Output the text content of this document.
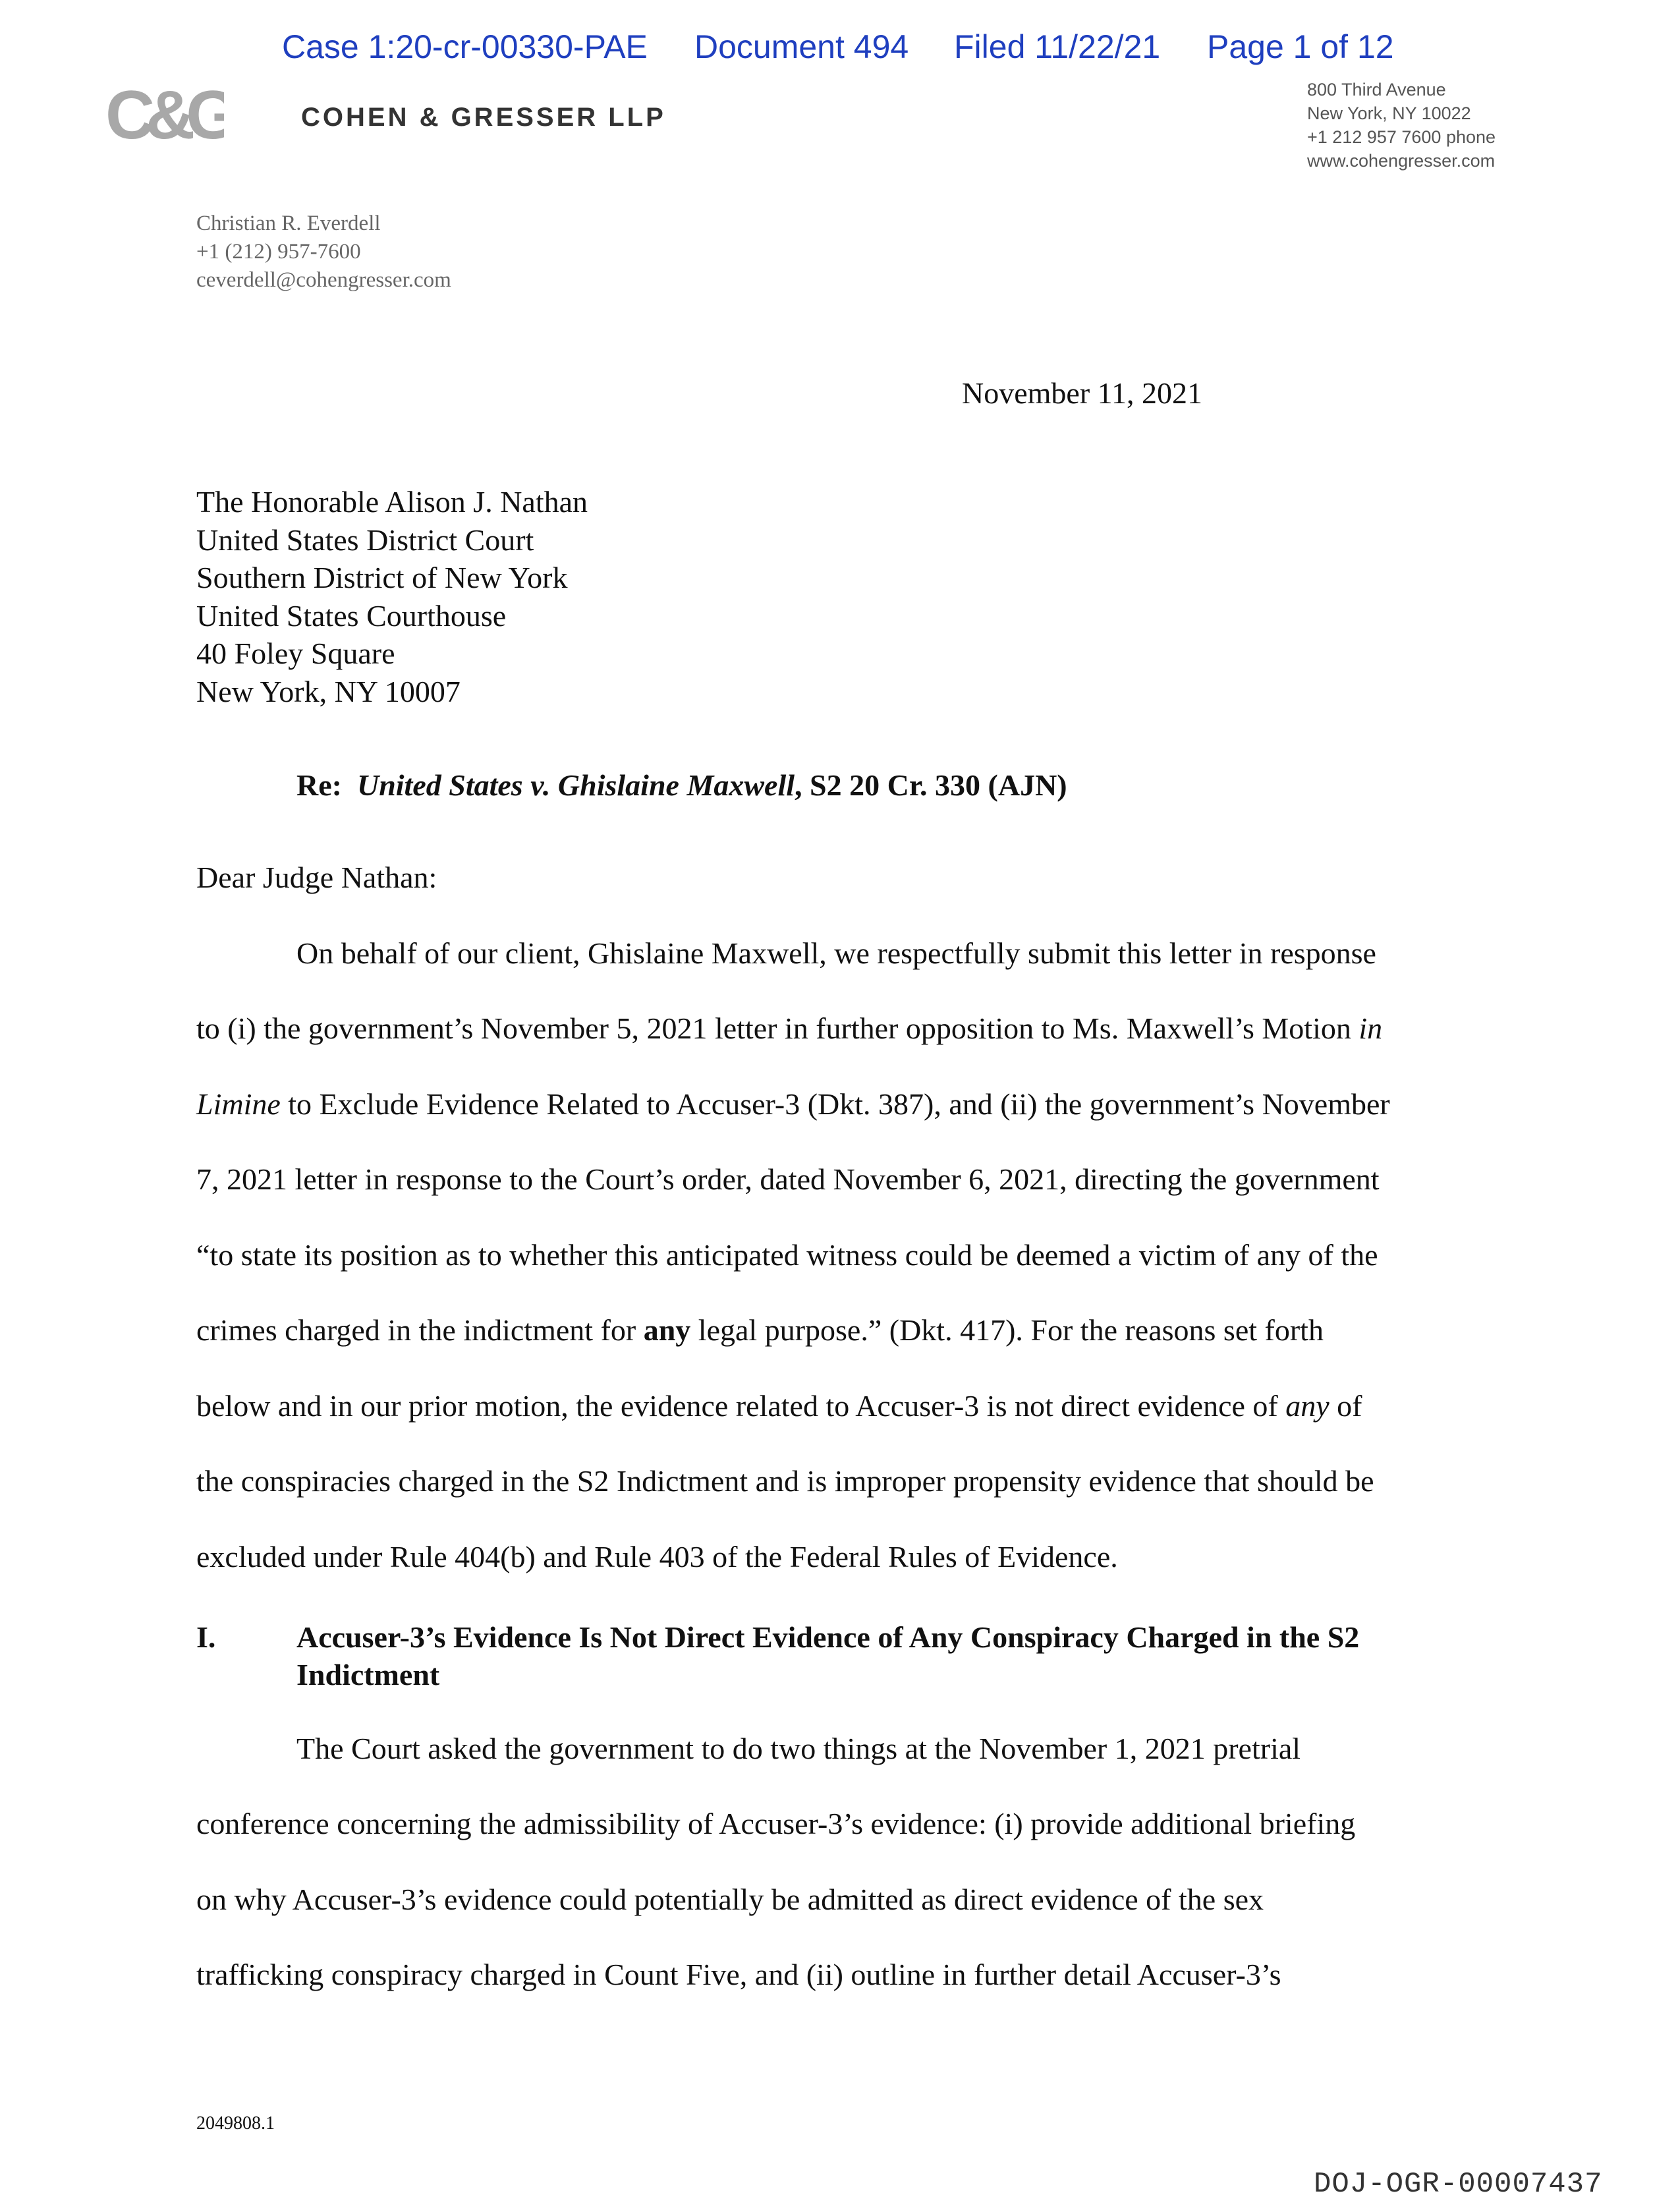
Case 1:20-cr-00330-PAE Document 494 Filed 11/22/21 Page 1 of 12
C&G	COHEN & GRESSER LLP
800 Third Avenue
New York, NY 10022
+1 212 957 7600 phone
www.cohengresser.com
Christian R. Everdell
+1 (212) 957-7600
ceverdell@cohengresser.com
November 11, 2021
The Honorable Alison J. Nathan
United States District Court
Southern District of New York
United States Courthouse
40 Foley Square
New York, NY 10007
Re: United States v. Ghislaine Maxwell, S2 20 Cr. 330 (AJN)
Dear Judge Nathan:
On behalf of our client, Ghislaine Maxwell, we respectfully submit this letter in response
to (i) the government’s November 5, 2021 letter in further opposition to Ms. Maxwell’s Motion in
Limine to Exclude Evidence Related to Accuser-3 (Dkt. 387), and (ii) the government’s November
7, 2021 letter in response to the Court’s order, dated November 6, 2021, directing the government
“to state its position as to whether this anticipated witness could be deemed a victim of any of the
crimes charged in the indictment for any legal purpose.” (Dkt. 417). For the reasons set forth
below and in our prior motion, the evidence related to Accuser-3 is not direct evidence of any of
the conspiracies charged in the S2 Indictment and is improper propensity evidence that should be
excluded under Rule 404(b) and Rule 403 of the Federal Rules of Evidence.
I.	Accuser-3’s Evidence Is Not Direct Evidence of Any Conspiracy Charged in the S2
Indictment
The Court asked the government to do two things at the November 1, 2021 pretrial
conference concerning the admissibility of Accuser-3’s evidence: (i) provide additional briefing
on why Accuser-3’s evidence could potentially be admitted as direct evidence of the sex
trafficking conspiracy charged in Count Five, and (ii) outline in further detail Accuser-3’s
2049808.1
DOJ-OGR-00007437
